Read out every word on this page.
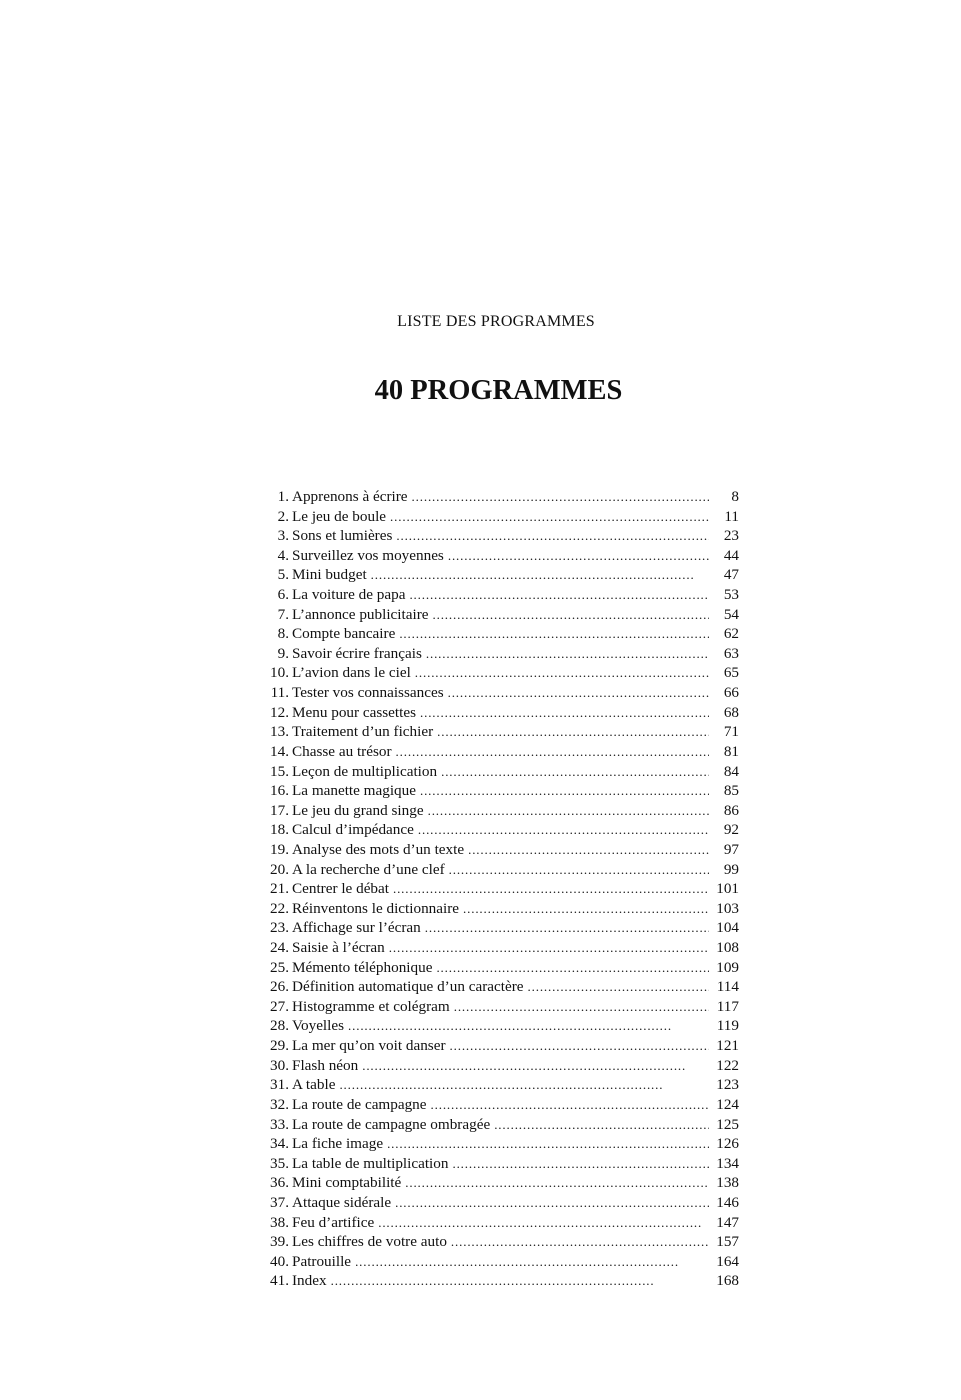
LISTE DES PROGRAMMES
40 PROGRAMMES
1. Apprenons à écrire . . .	8
2. Le jeu de boule . . .	11
3. Sons et lumières . . .	23
4. Surveillez vos moyennes . . .	44
5. Mini budget . . .	47
6. La voiture de papa . . .	53
7. L’annonce publicitaire . . .	54
8. Compte bancaire . . .	62
9. Savoir écrire français . . .	63
10. L’avion dans le ciel . . .	65
11. Tester vos connaissances . . .	66
12. Menu pour cassettes . . .	68
13. Traitement d’un fichier . . .	71
14. Chasse au trésor . . .	81
15. Leçon de multiplication . . .	84
16. La manette magique . . .	85
17. Le jeu du grand singe . . .	86
18. Calcul d’impédance . . .	92
19. Analyse des mots d’un texte . . .	97
20. A la recherche d’une clef . . .	99
21. Centrer le débat . . .	101
22. Réinventons le dictionnaire . . .	103
23. Affichage sur l’écran . . .	104
24. Saisie à l’écran . . .	108
25. Mémento téléphonique . . .	109
26. Définition automatique d’un caractère . . .	114
27. Histogramme et colégram . . .	117
28. Voyelles . . .	119
29. La mer qu’on voit danser . . .	121
30. Flash néon . . .	122
31. A table . . .	123
32. La route de campagne . . .	124
33. La route de campagne ombragée . . .	125
34. La fiche image . . .	126
35. La table de multiplication . . .	134
36. Mini comptabilité . . .	138
37. Attaque sidérale . . .	146
38. Feu d’artifice . . .	147
39. Les chiffres de votre auto . . .	157
40. Patrouille . . .	164
41. Index . . .	168
